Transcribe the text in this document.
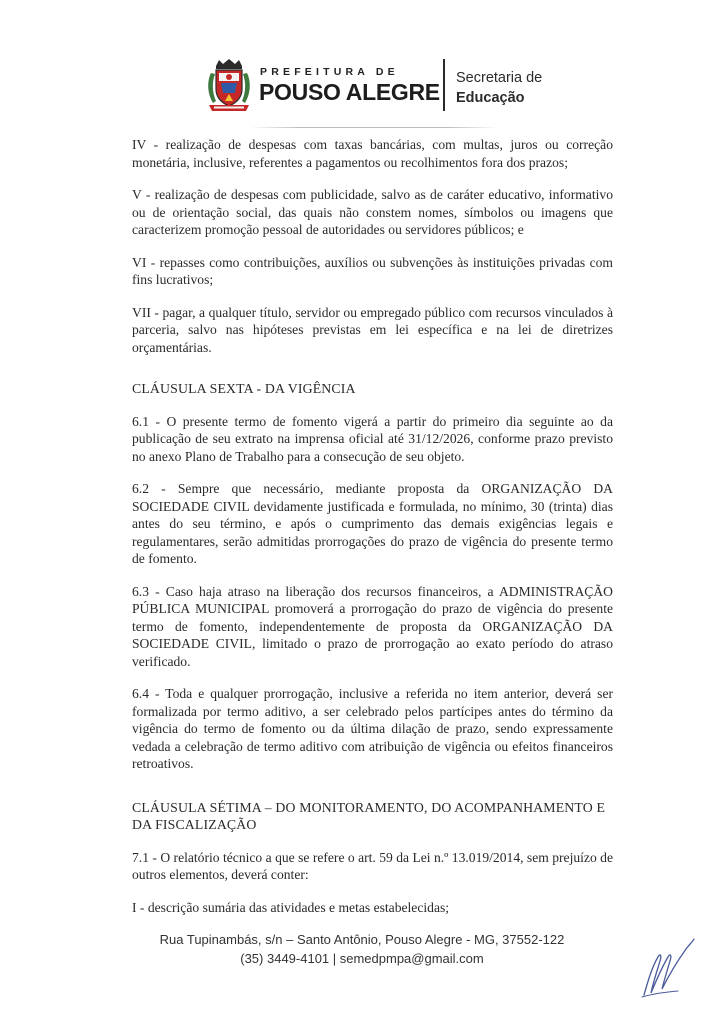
PREFEITURA DE
POUSO ALEGRE
Secretaria de
Educação

IV - realização de despesas com taxas bancárias, com multas, juros ou correção monetária, inclusive, referentes a pagamentos ou recolhimentos fora dos prazos;

V - realização de despesas com publicidade, salvo as de caráter educativo, informativo ou de orientação social, das quais não constem nomes, símbolos ou imagens que caracterizem promoção pessoal de autoridades ou servidores públicos; e

VI - repasses como contribuições, auxílios ou subvenções às instituições privadas com fins lucrativos;

VII - pagar, a qualquer título, servidor ou empregado público com recursos vinculados à parceria, salvo nas hipóteses previstas em lei específica e na lei de diretrizes orçamentárias.

CLÁUSULA SEXTA - DA VIGÊNCIA

6.1 - O presente termo de fomento vigerá a partir do primeiro dia seguinte ao da publicação de seu extrato na imprensa oficial até 31/12/2026, conforme prazo previsto no anexo Plano de Trabalho para a consecução de seu objeto.

6.2 - Sempre que necessário, mediante proposta da ORGANIZAÇÃO DA SOCIEDADE CIVIL devidamente justificada e formulada, no mínimo, 30 (trinta) dias antes do seu término, e após o cumprimento das demais exigências legais e regulamentares, serão admitidas prorrogações do prazo de vigência do presente termo de fomento.

6.3 - Caso haja atraso na liberação dos recursos financeiros, a ADMINISTRAÇÃO PÚBLICA MUNICIPAL promoverá a prorrogação do prazo de vigência do presente termo de fomento, independentemente de proposta da ORGANIZAÇÃO DA SOCIEDADE CIVIL, limitado o prazo de prorrogação ao exato período do atraso verificado.

6.4 - Toda e qualquer prorrogação, inclusive a referida no item anterior, deverá ser formalizada por termo aditivo, a ser celebrado pelos partícipes antes do término da vigência do termo de fomento ou da última dilação de prazo, sendo expressamente vedada a celebração de termo aditivo com atribuição de vigência ou efeitos financeiros retroativos.

CLÁUSULA SÉTIMA – DO MONITORAMENTO, DO ACOMPANHAMENTO E DA FISCALIZAÇÃO

7.1 - O relatório técnico a que se refere o art. 59 da Lei n.º 13.019/2014, sem prejuízo de outros elementos, deverá conter:

I - descrição sumária das atividades e metas estabelecidas;

Rua Tupinambás, s/n – Santo Antônio, Pouso Alegre - MG, 37552-122
(35) 3449-4101 | semedpmpa@gmail.com
